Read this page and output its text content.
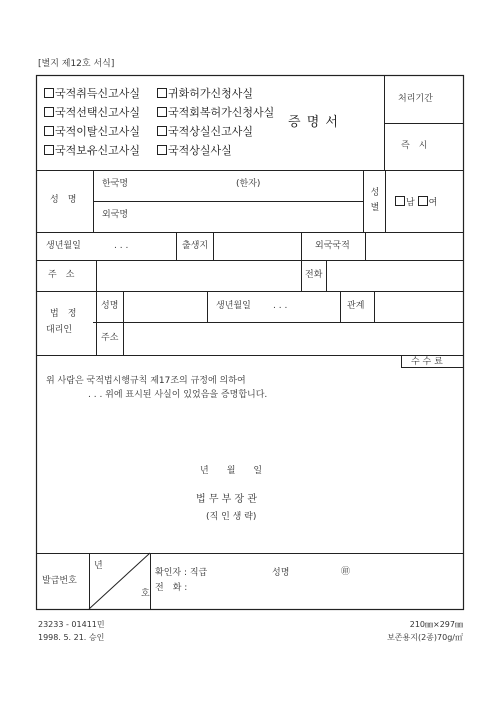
[별지 제12호 서식]
국적취득신고사실
국적선택신고사실
국적이탈신고사실
국적보유신고사실
귀화허가신청사실
국적회복허가신청사실
국적상실신고사실
국적상실사실
증 명 서
처리기간
즉　시
성　명
한국명	(한자)
외국명
성별	남 여
생년월일	. . .	출생지	외국국적
주　소	전화
법　정
대리인
성명	생년월일 . . .	관계
주소
수 수 료
위 사람은 국적법시행규칙 제17조의 규정에 의하여
. . . 위에 표시된 사실이 있었음을 증명합니다.
년　　월　　일
법 무 부 장 관
(직 인 생 략)
발급번호
년
호
확인자 : 직급	성명	㊞
전　화 :
23233 - 01411민
1998. 5. 21. 승인
210㎜×297㎜
보존용지(2종)70g/㎡
